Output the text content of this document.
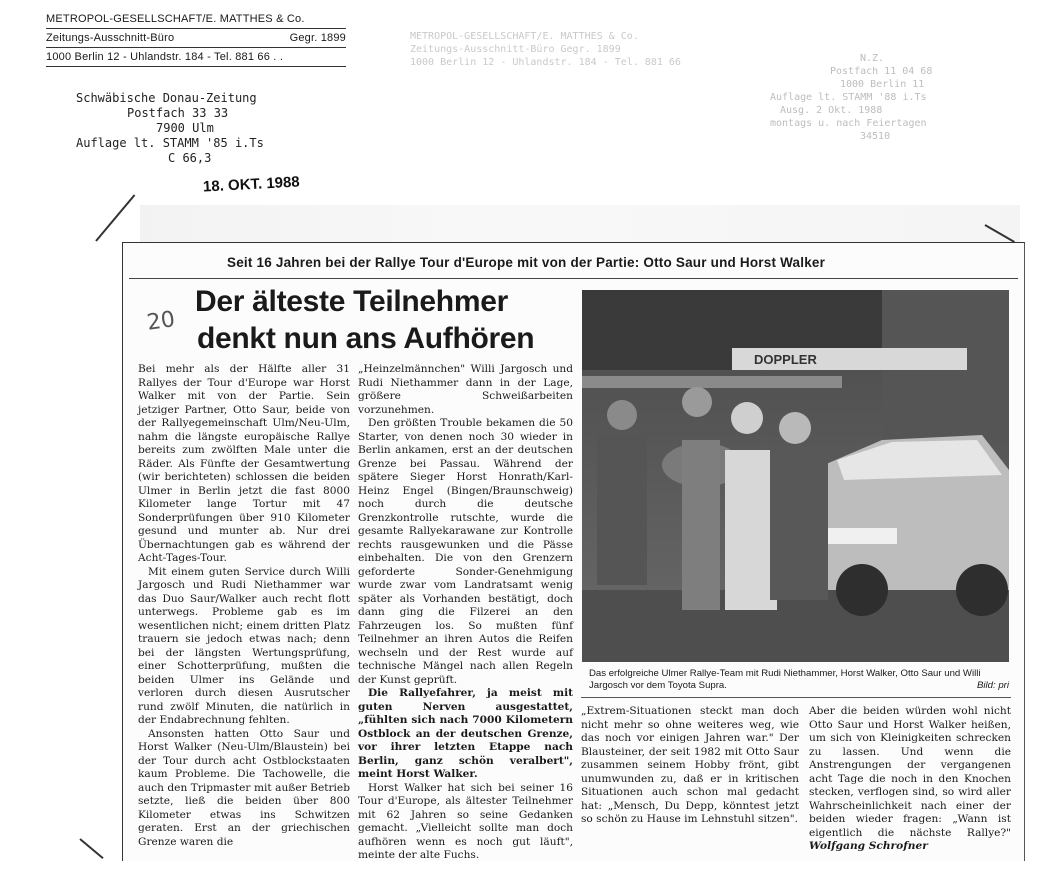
METROPOL-GESELLSCHAFT/E. MATTHES & Co.
Zeitungs-Ausschnitt-Büro Gegr. 1899
1000 Berlin 12 - Uhlandstr. 184 - Tel. 881 66	N.Z.
Postfach 11 04 68
1000 Berlin 11
Auflage lt. STAMM '88 i.Ts
Ausg. 2 Okt. 1988
montags u. nach Feiertagen
34510
METROPOL-GESELLSCHAFT/E. MATTHES & Co.
Zeitungs-Ausschnitt-Büro	Gegr. 1899
1000 Berlin 12 - Uhlandstr. 184 - Tel. 881 66 . .
Schwäbische Donau-Zeitung
Postfach 33 33
7900 Ulm
Auflage lt. STAMM '85 i.Ts
C 66,3
18. OKT. 1988
Seit 16 Jahren bei der Rallye Tour d'Europe mit von der Partie: Otto Saur und Horst Walker
20
Der älteste Teilnehmer
denkt nun ans Aufhören

Bei mehr als der Hälfte aller 31 Rallyes der Tour d'Europe war Horst Walker mit von der Partie. Sein jetziger Partner, Otto Saur, beide von der Rallyegemeinschaft Ulm/Neu-Ulm, nahm die längste europäische Rallye bereits zum zwölften Male unter die Räder. Als Fünfte der Gesamtwertung (wir berichteten) schlossen die beiden Ulmer in Berlin jetzt die fast 8000 Kilometer lange Tortur mit 47 Sonderprüfungen über 910 Kilometer gesund und munter ab. Nur drei Übernachtungen gab es während der Acht-Tages-Tour.

Mit einem guten Service durch Willi Jargosch und Rudi Niethammer war das Duo Saur/Walker auch recht flott unterwegs. Probleme gab es im wesentlichen nicht; einem dritten Platz trauern sie jedoch etwas nach; denn bei der längsten Wertungsprüfung, einer Schotterprüfung, mußten die beiden Ulmer ins Gelände und verloren durch diesen Ausrutscher rund zwölf Minuten, die natürlich in der Endabrechnung fehlten.

Ansonsten hatten Otto Saur und Horst Walker (Neu-Ulm/Blaustein) bei der Tour durch acht Ostblockstaaten kaum Probleme. Die Tachowelle, die auch den Tripmaster mit außer Betrieb setzte, ließ die beiden über 800 Kilometer etwas ins Schwitzen geraten. Erst an der griechischen Grenze waren die

„Heinzelmännchen" Willi Jargosch und Rudi Niethammer dann in der Lage, größere Schweißarbeiten vorzunehmen.

Den größten Trouble bekamen die 50 Starter, von denen noch 30 wieder in Berlin ankamen, erst an der deutschen Grenze bei Passau. Während der spätere Sieger Horst Honrath/Karl-Heinz Engel (Bingen/Braunschweig) noch durch die deutsche Grenzkontrolle rutschte, wurde die gesamte Rallyekarawane zur Kontrolle rechts rausgewunken und die Pässe einbehalten. Die von den Grenzern geforderte Sonder-Genehmigung wurde zwar vom Landratsamt wenig später als Vorhanden bestätigt, doch dann ging die Filzerei an den Fahrzeugen los. So mußten fünf Teilnehmer an ihren Autos die Reifen wechseln und der Rest wurde auf technische Mängel nach allen Regeln der Kunst geprüft.

Die Rallyefahrer, ja meist mit guten Nerven ausgestattet, „fühlten sich nach 7000 Kilometern Ostblock an der deutschen Grenze, vor ihrer letzten Etappe nach Berlin, ganz schön veralbert", meint Horst Walker.

Horst Walker hat sich bei seiner 16 Tour d'Europe, als ältester Teilnehmer mit 62 Jahren so seine Gedanken gemacht. „Vielleicht sollte man doch aufhören wenn es noch gut läuft", meinte der alte Fuchs.

DOPPLER
Das erfolgreiche Ulmer Rallye-Team mit Rudi Niethammer, Horst Walker, Otto Saur und Willi Jargosch vor dem Toyota Supra.	Bild: pri

„Extrem-Situationen steckt man doch nicht mehr so ohne weiteres weg, wie das noch vor einigen Jahren war." Der Blausteiner, der seit 1982 mit Otto Saur zusammen seinem Hobby frönt, gibt unumwunden zu, daß er in kritischen Situationen auch schon mal gedacht hat: „Mensch, Du Depp, könntest jetzt so schön zu Hause im Lehnstuhl sitzen".

Aber die beiden würden wohl nicht Otto Saur und Horst Walker heißen, um sich von Kleinigkeiten schrecken zu lassen. Und wenn die Anstrengungen der vergangenen acht Tage die noch in den Knochen stecken, verflogen sind, so wird aller Wahrscheinlichkeit nach einer der beiden wieder fragen: „Wann ist eigentlich die nächste Rallye?" Wolfgang Schrofner
